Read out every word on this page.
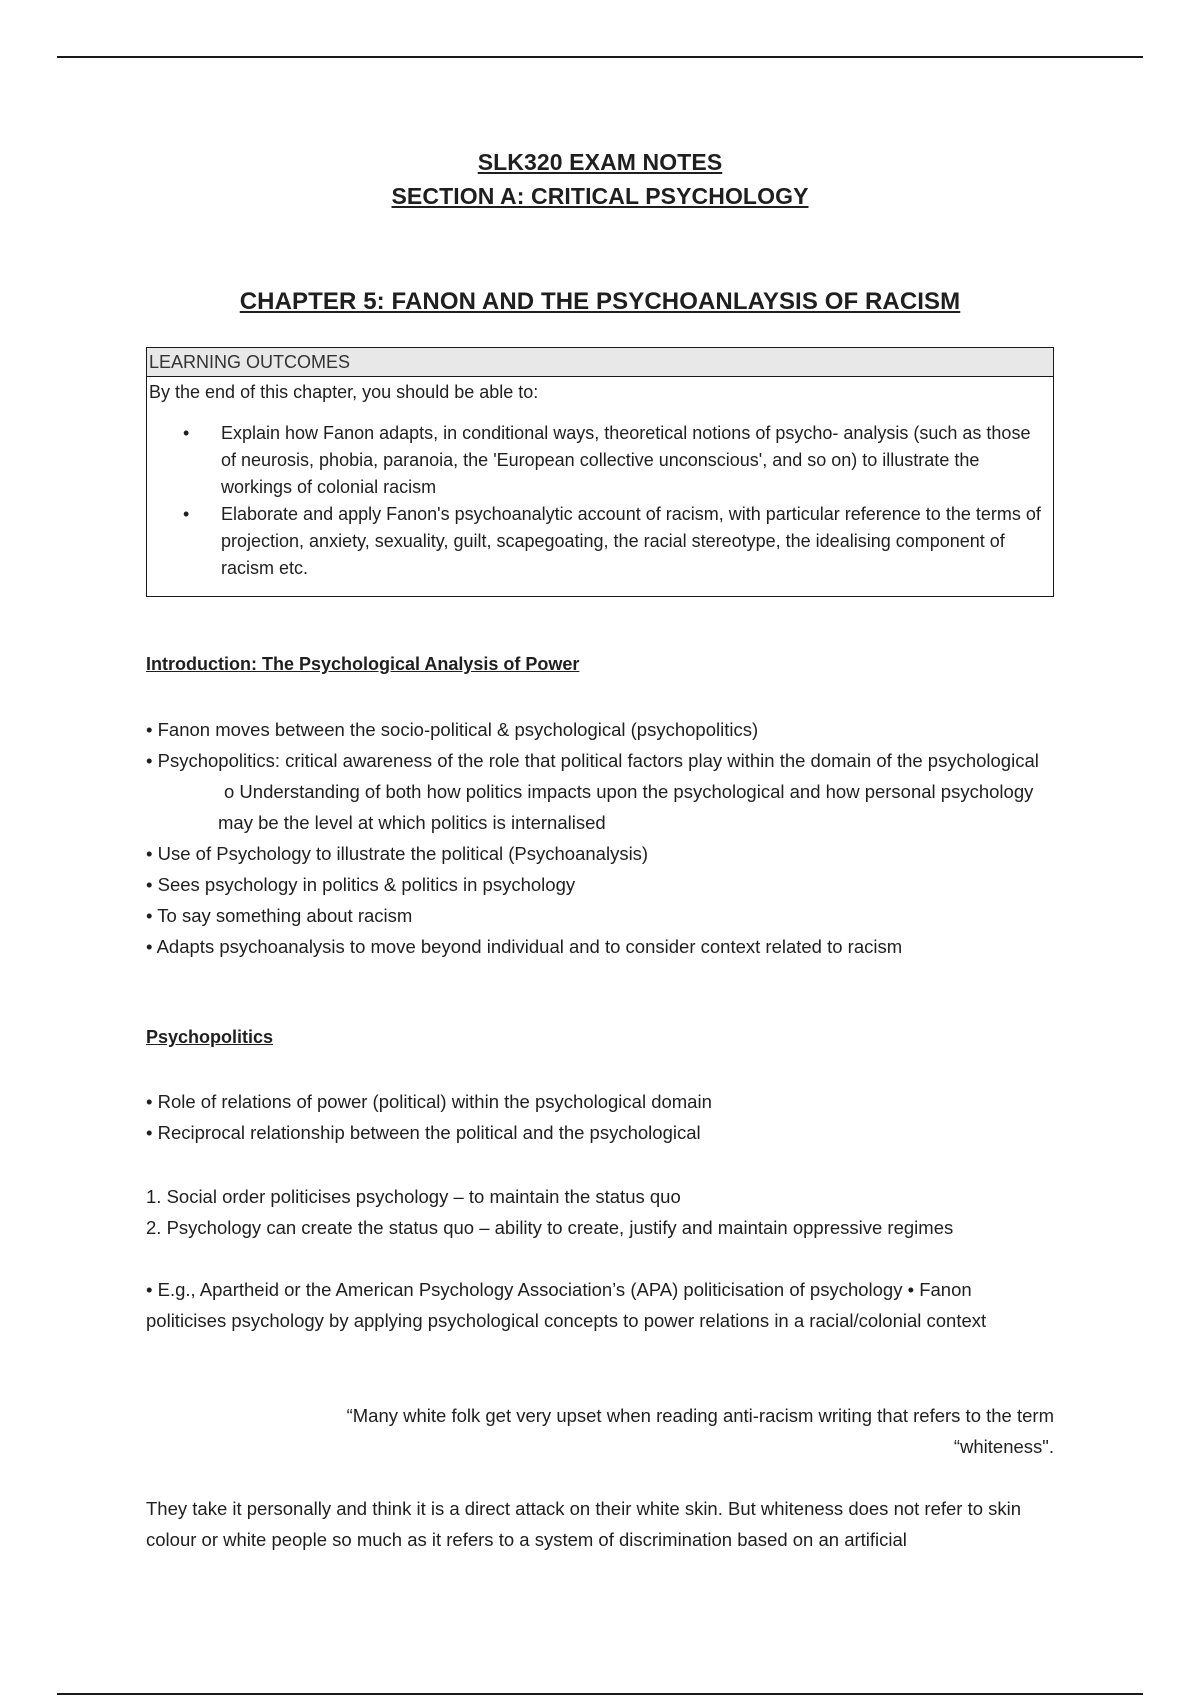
SLK320 EXAM NOTES
SECTION A: CRITICAL PSYCHOLOGY
CHAPTER 5: FANON AND THE PSYCHOANLAYSIS OF RACISM
LEARNING OUTCOMES
By the end of this chapter, you should be able to:
• Explain how Fanon adapts, in conditional ways, theoretical notions of psycho- analysis (such as those of neurosis, phobia, paranoia, the 'European collective unconscious', and so on) to illustrate the workings of colonial racism
• Elaborate and apply Fanon's psychoanalytic account of racism, with particular reference to the terms of projection, anxiety, sexuality, guilt, scapegoating, the racial stereotype, the idealising component of racism etc.
Introduction: The Psychological Analysis of Power
• Fanon moves between the socio-political & psychological (psychopolitics)
• Psychopolitics: critical awareness of the role that political factors play within the domain of the psychological
o Understanding of both how politics impacts upon the psychological and how personal psychology may be the level at which politics is internalised
• Use of Psychology to illustrate the political (Psychoanalysis)
• Sees psychology in politics & politics in psychology
• To say something about racism
• Adapts psychoanalysis to move beyond individual and to consider context related to racism
Psychopolitics
• Role of relations of power (political) within the psychological domain
• Reciprocal relationship between the political and the psychological
1. Social order politicises psychology – to maintain the status quo
2. Psychology can create the status quo – ability to create, justify and maintain oppressive regimes
• E.g., Apartheid or the American Psychology Association’s (APA) politicisation of psychology • Fanon politicises psychology by applying psychological concepts to power relations in a racial/colonial context
“Many white folk get very upset when reading anti-racism writing that refers to the term
“whiteness".
They take it personally and think it is a direct attack on their white skin. But whiteness does not refer to skin colour or white people so much as it refers to a system of discrimination based on an artificial
